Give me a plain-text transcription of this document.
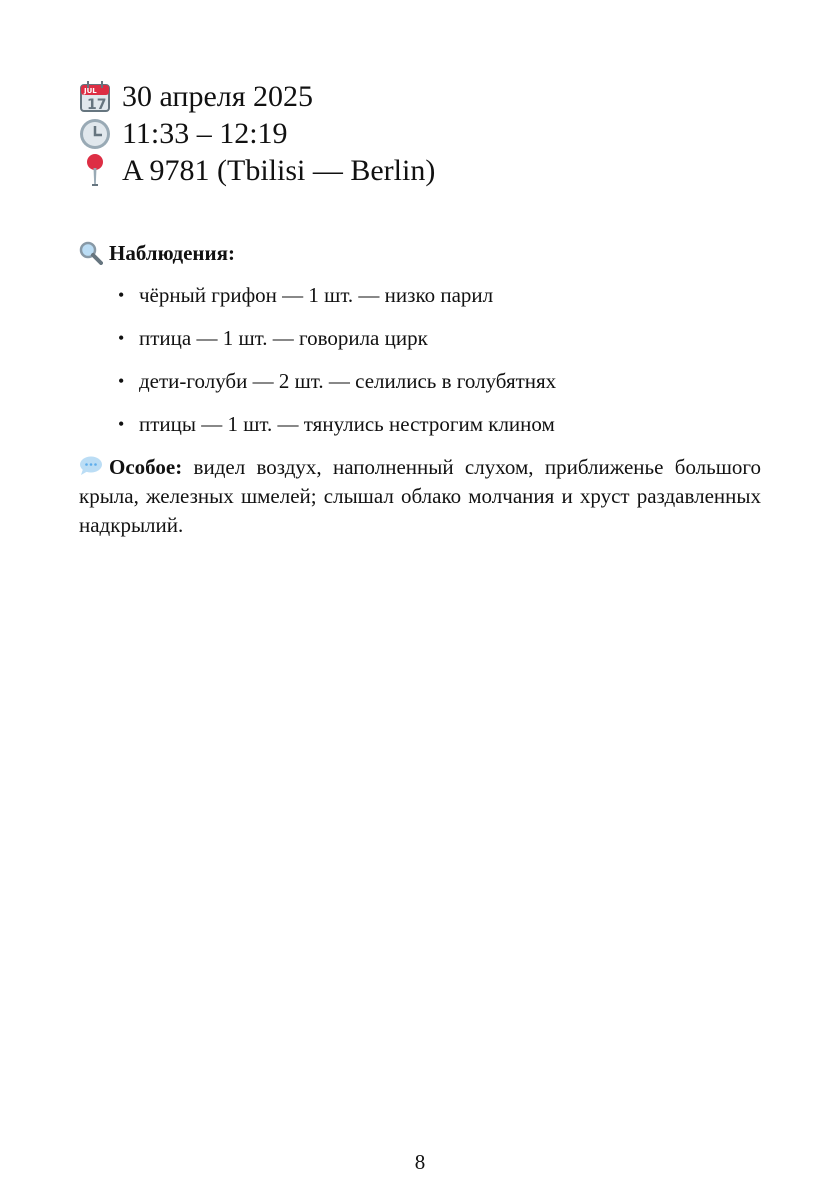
JUL
17 30 апреля 2025
11:33 – 12:19
A 9781 (Tbilisi — Berlin)
Наблюдения:
• чёрный грифон — 1 шт. — низко парил
• птица — 1 шт. — говорила цирк
• дети-голуби — 2 шт. — селились в голубятнях
• птицы — 1 шт. — тянулись нестрогим клином
Особое: видел воздух, наполненный слухом, приближенье большого крыла, железных шмелей; слышал облако молчания и хруст раздавленных надкрылий.
8
